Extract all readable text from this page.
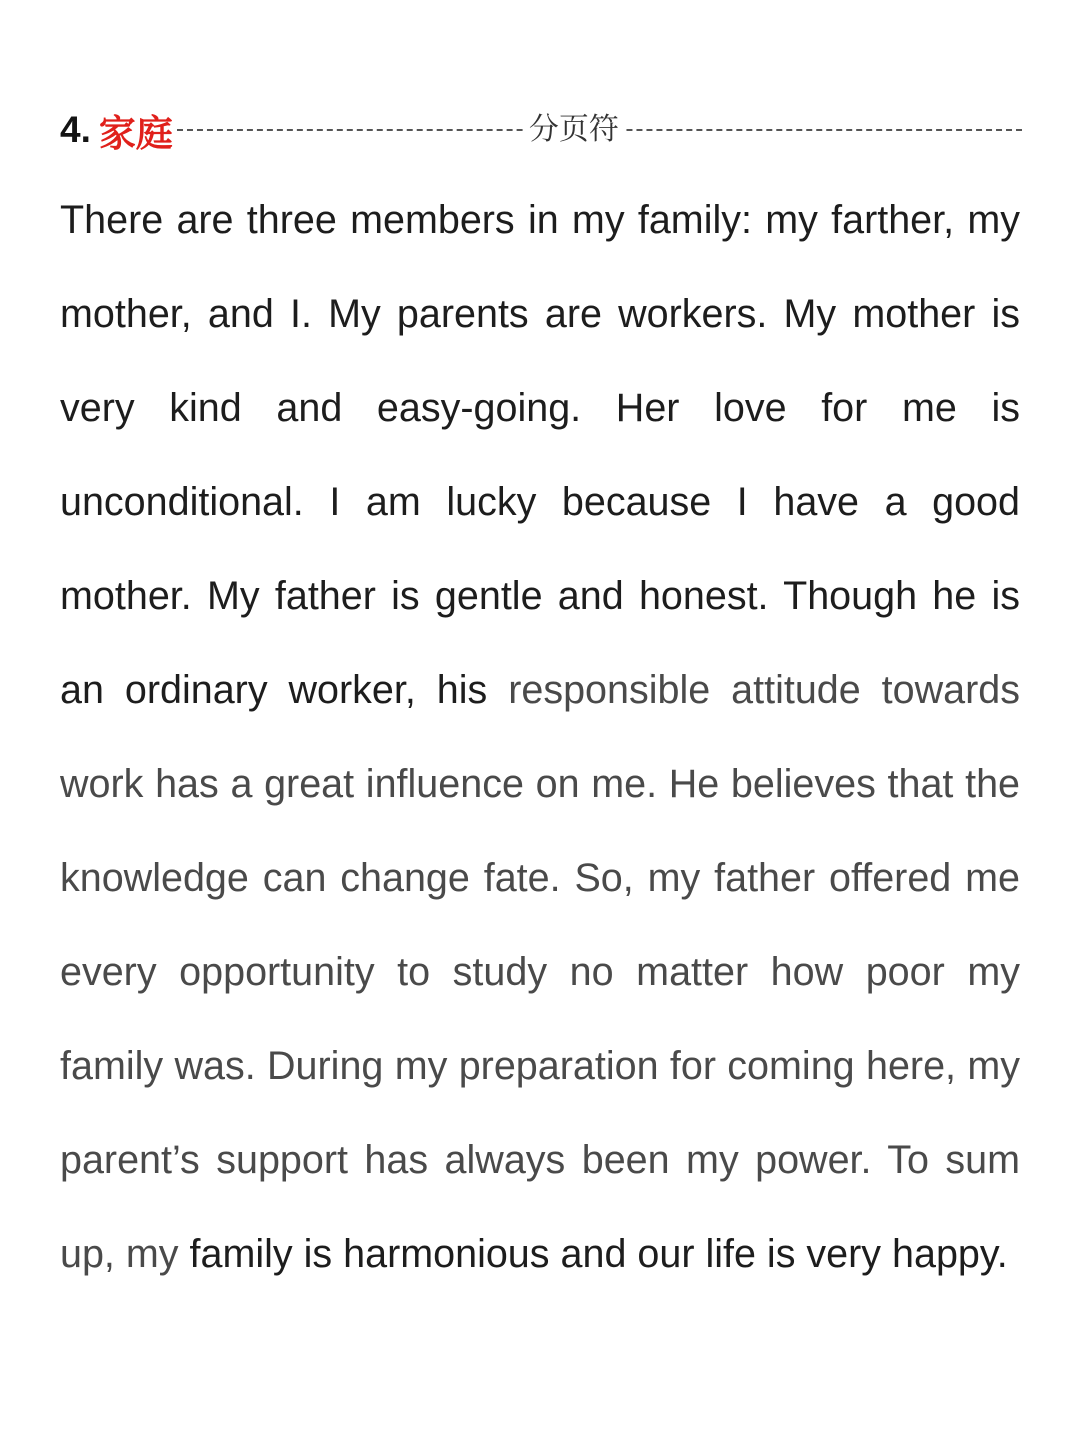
4. 家庭	分页符

There are three members in my family: my farther, my mother, and I. My parents are workers. My mother is very kind and easy-going. Her love for me is unconditional. I am lucky because I have a good mother. My father is gentle and honest. Though he is an ordinary worker, his responsible attitude towards work has a great influence on me. He believes that the knowledge can change fate. So, my father offered me every opportunity to study no matter how poor my family was. During my preparation for coming here, my parent’s support has always been my power. To sum up, my family is harmonious and our life is very happy.
